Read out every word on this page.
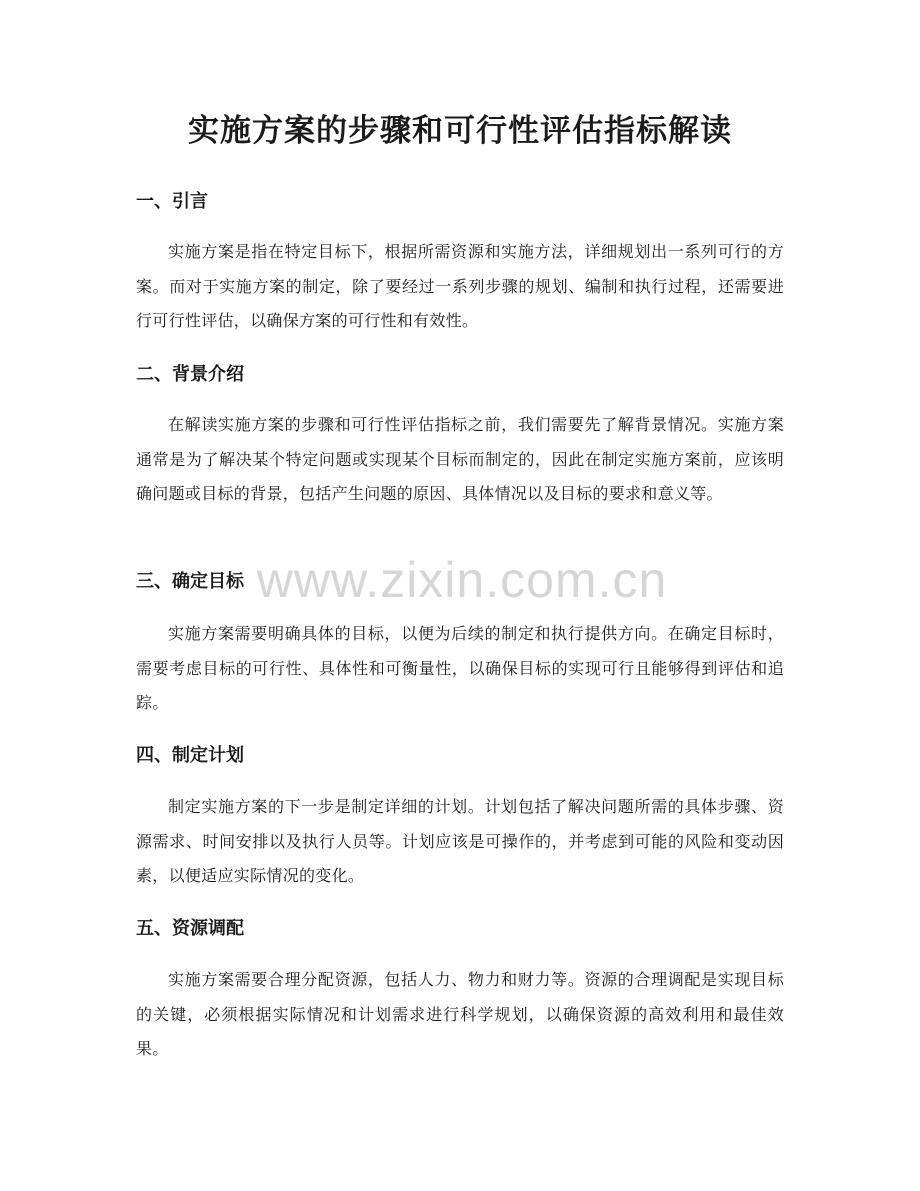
实施方案的步骤和可行性评估指标解读
一、引言

实施方案是指在特定目标下，根据所需资源和实施方法，详细规划出一系列可行的方案。而对于实施方案的制定，除了要经过一系列步骤的规划、编制和执行过程，还需要进行可行性评估，以确保方案的可行性和有效性。

二、背景介绍

在解读实施方案的步骤和可行性评估指标之前，我们需要先了解背景情况。实施方案通常是为了解决某个特定问题或实现某个目标而制定的，因此在制定实施方案前，应该明确问题或目标的背景，包括产生问题的原因、具体情况以及目标的要求和意义等。

三、确定目标

实施方案需要明确具体的目标，以便为后续的制定和执行提供方向。在确定目标时，需要考虑目标的可行性、具体性和可衡量性，以确保目标的实现可行且能够得到评估和追踪。

四、制定计划

制定实施方案的下一步是制定详细的计划。计划包括了解决问题所需的具体步骤、资源需求、时间安排以及执行人员等。计划应该是可操作的，并考虑到可能的风险和变动因素，以便适应实际情况的变化。

五、资源调配

实施方案需要合理分配资源，包括人力、物力和财力等。资源的合理调配是实现目标的关键，必须根据实际情况和计划需求进行科学规划，以确保资源的高效利用和最佳效果。

www.zixin.com.cn
